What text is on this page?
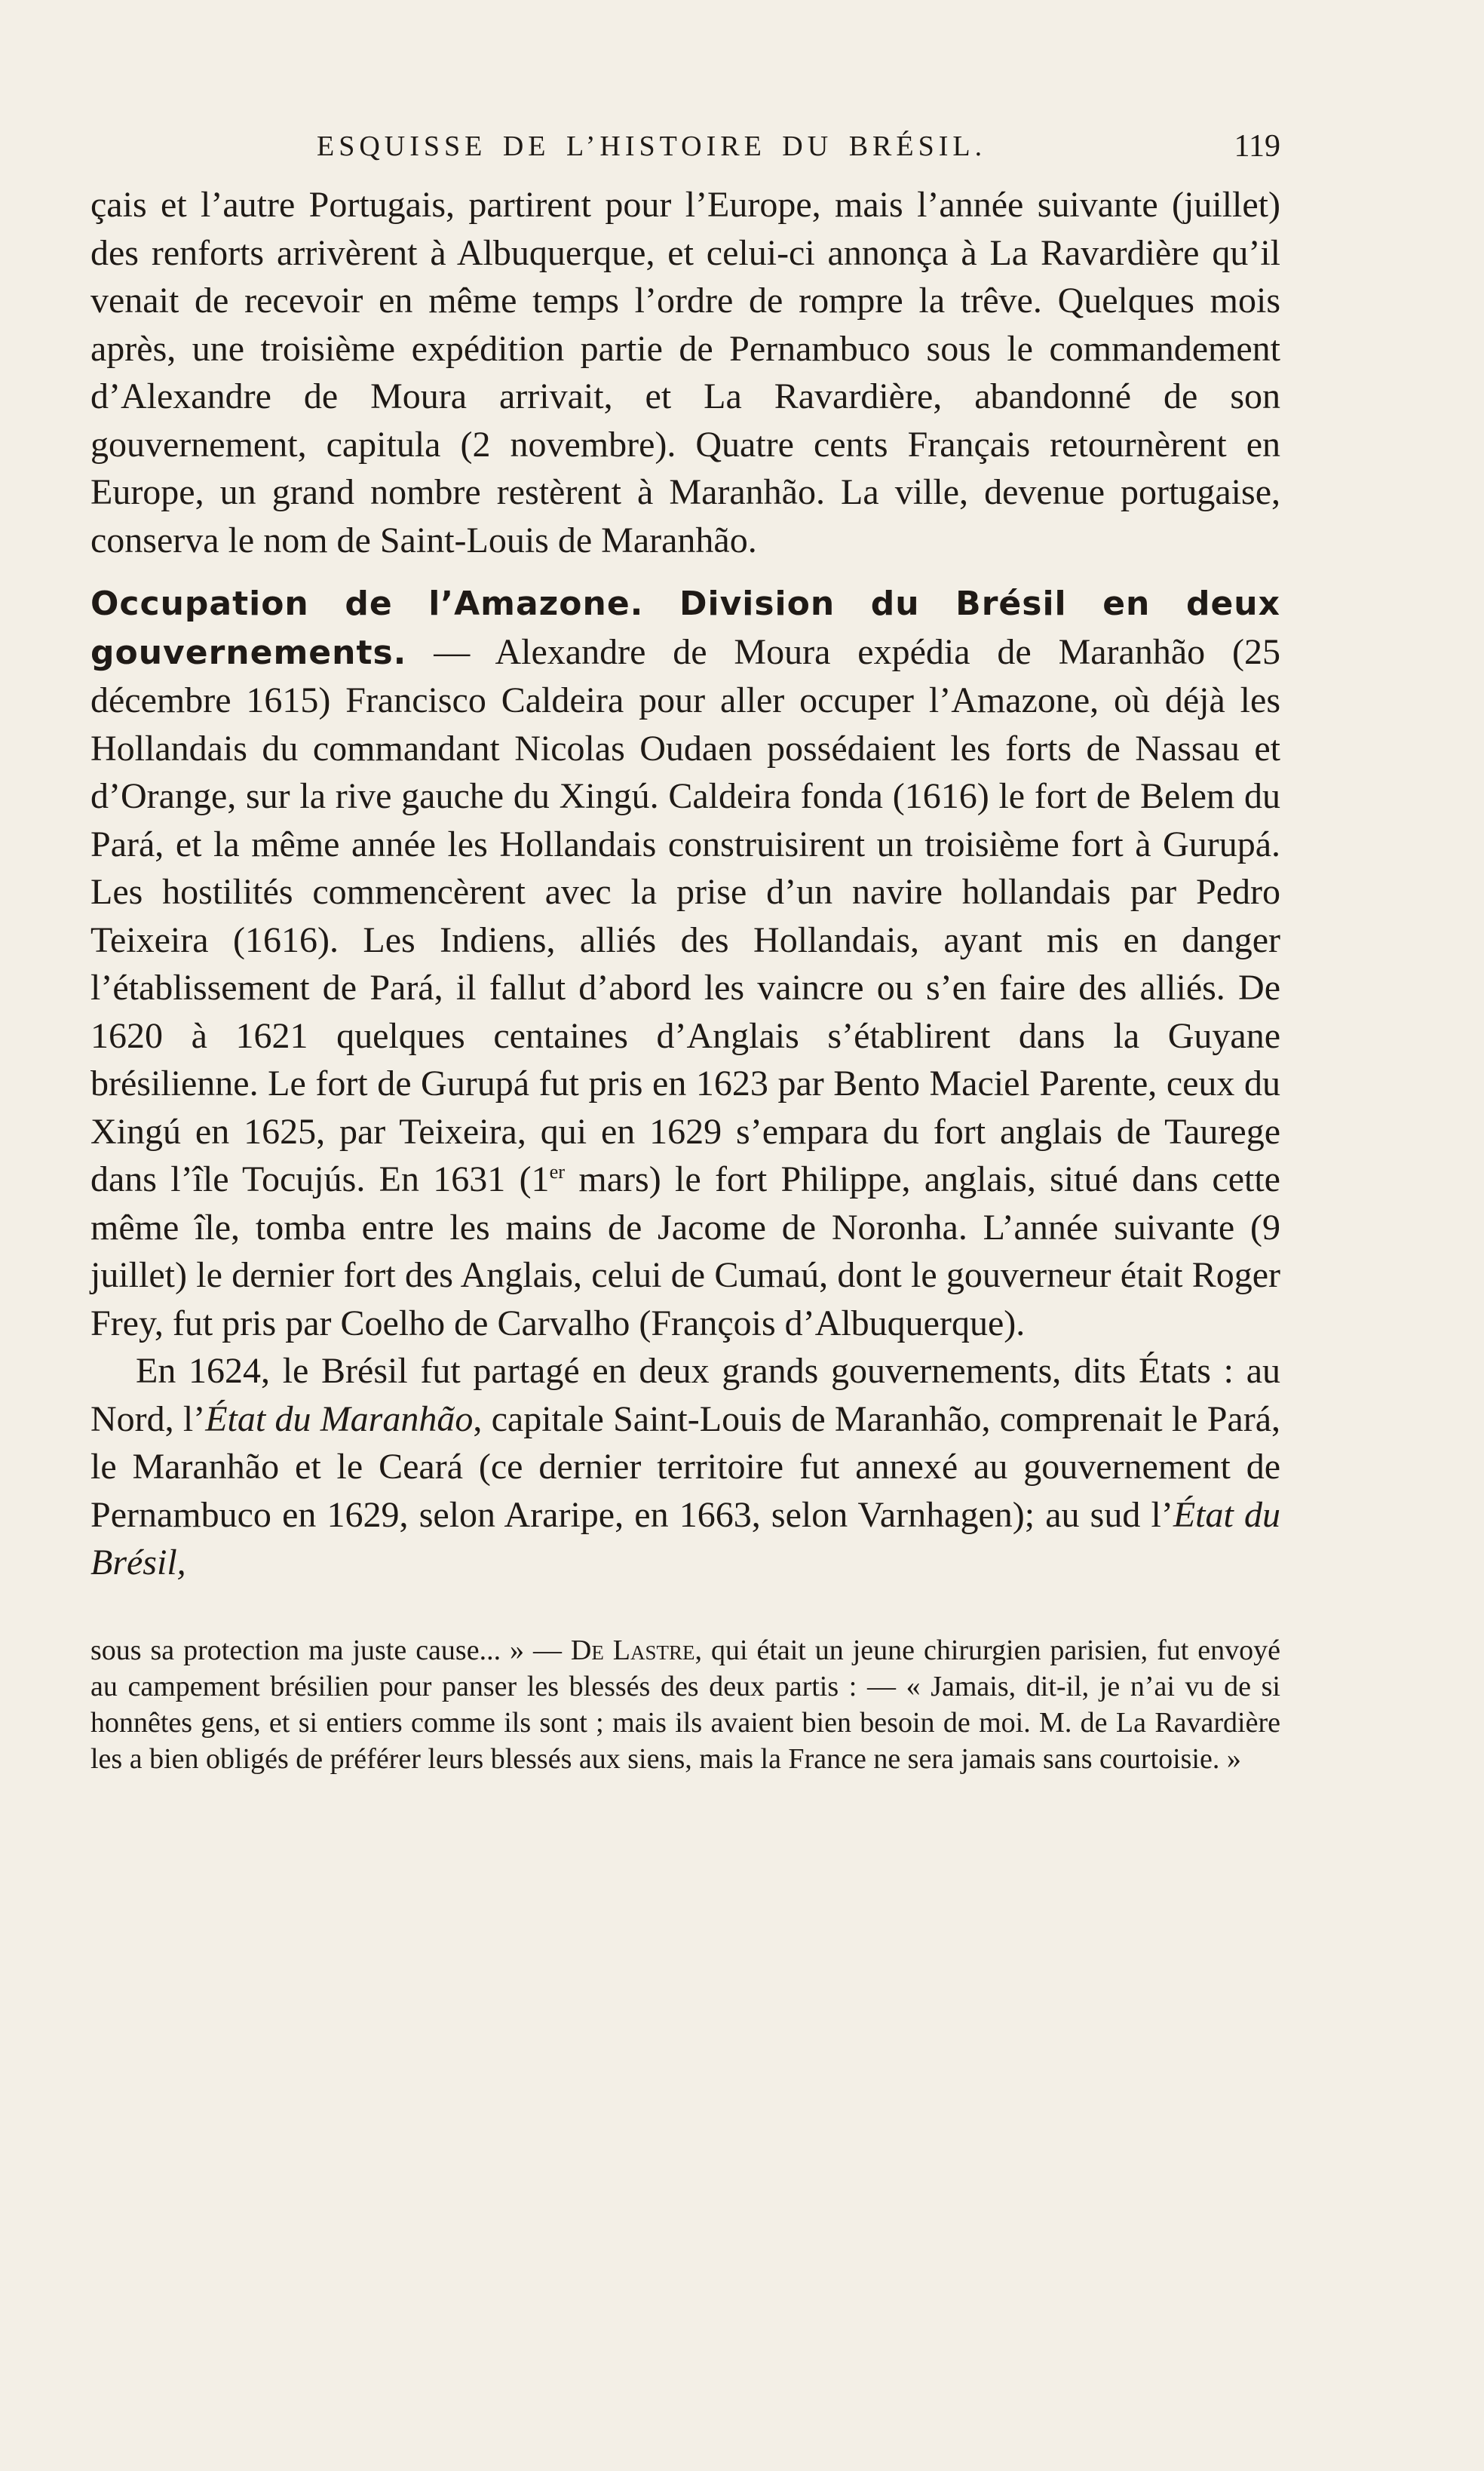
ESQUISSE DE L’HISTOIRE DU BRÉSIL.	119

çais et l’autre Portugais, partirent pour l’Europe, mais l’année suivante (juillet) des renforts arrivèrent à Albuquerque, et celui-ci annonça à La Ravardière qu’il venait de recevoir en même temps l’ordre de rompre la trêve. Quelques mois après, une troisième expédition partie de Pernambuco sous le commandement d’Alexandre de Moura arrivait, et La Ravardière, abandonné de son gouvernement, capitula (2 novembre). Quatre cents Français retournèrent en Europe, un grand nombre restèrent à Maranhão. La ville, devenue portugaise, conserva le nom de Saint-Louis de Maranhão.

Occupation de l’Amazone. Division du Brésil en deux gouvernements. — Alexandre de Moura expédia de Maranhão (25 décembre 1615) Francisco Caldeira pour aller occuper l’Amazone, où déjà les Hollandais du commandant Nicolas Oudaen possédaient les forts de Nassau et d’Orange, sur la rive gauche du Xingú. Caldeira fonda (1616) le fort de Belem du Pará, et la même année les Hollandais construisirent un troisième fort à Gurupá. Les hostilités commencèrent avec la prise d’un navire hollandais par Pedro Teixeira (1616). Les Indiens, alliés des Hollandais, ayant mis en danger l’établissement de Pará, il fallut d’abord les vaincre ou s’en faire des alliés. De 1620 à 1621 quelques centaines d’Anglais s’établirent dans la Guyane brésilienne. Le fort de Gurupá fut pris en 1623 par Bento Maciel Parente, ceux du Xingú en 1625, par Teixeira, qui en 1629 s’empara du fort anglais de Taurege dans l’île Tocujús. En 1631 (1er mars) le fort Philippe, anglais, situé dans cette même île, tomba entre les mains de Jacome de Noronha. L’année suivante (9 juillet) le dernier fort des Anglais, celui de Cumaú, dont le gouverneur était Roger Frey, fut pris par Coelho de Carvalho (François d’Albuquerque).

En 1624, le Brésil fut partagé en deux grands gouvernements, dits États : au Nord, l’État du Maranhão, capitale Saint-Louis de Maranhão, comprenait le Pará, le Maranhão et le Ceará (ce dernier territoire fut annexé au gouvernement de Pernambuco en 1629, selon Araripe, en 1663, selon Varnhagen); au sud l’État du Brésil,

sous sa protection ma juste cause... » — De Lastre, qui était un jeune chirurgien parisien, fut envoyé au campement brésilien pour panser les blessés des deux partis : — « Jamais, dit-il, je n’ai vu de si honnêtes gens, et si entiers comme ils sont ; mais ils avaient bien besoin de moi. M. de La Ravardière les a bien obligés de préférer leurs blessés aux siens, mais la France ne sera jamais sans courtoisie. »
